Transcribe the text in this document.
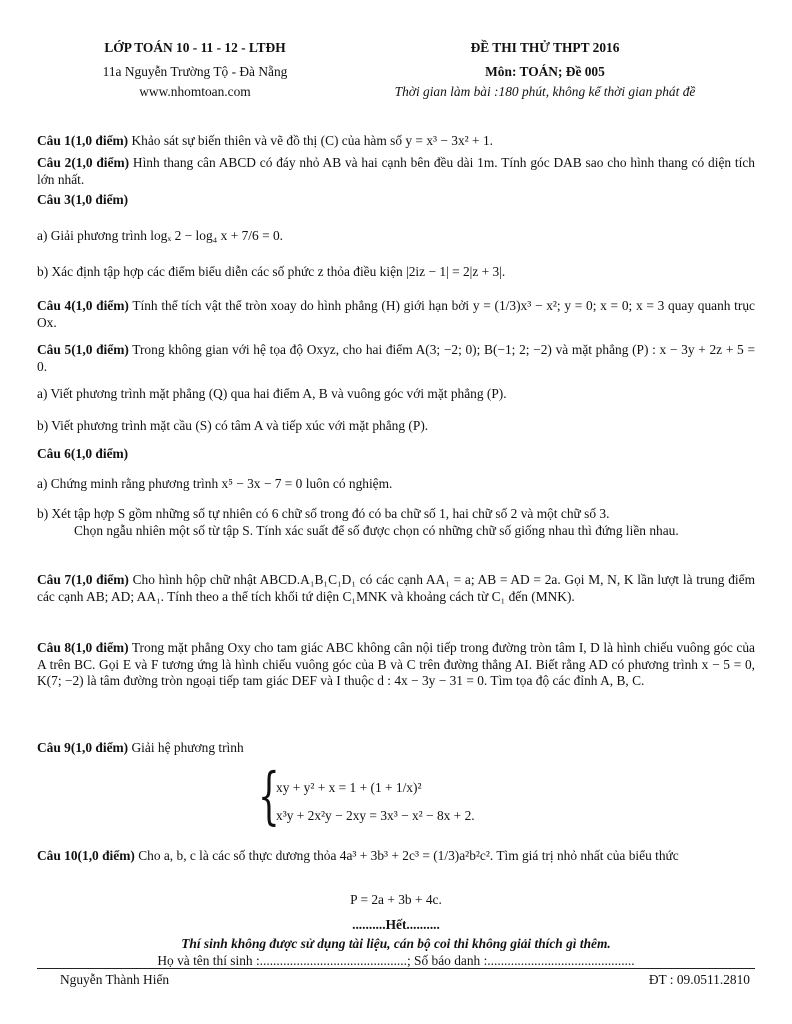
LỚP TOÁN 10 - 11 - 12 - LTĐH
11a Nguyễn Trường Tộ - Đà Nẵng
www.nhomtoan.com
ĐỀ THI THỬ THPT 2016
Môn: TOÁN; Đề 005
Thời gian làm bài :180 phút, không kể thời gian phát đề
Câu 1(1,0 điểm) Khảo sát sự biến thiên và vẽ đồ thị (C) của hàm số y = x³ − 3x² + 1.
Câu 2(1,0 điểm) Hình thang cân ABCD có đáy nhỏ AB và hai cạnh bên đều dài 1m. Tính góc DAB sao cho hình thang có diện tích lớn nhất.
Câu 3(1,0 điểm)
a) Giải phương trình logₓ 2 − log₄ x + 7/6 = 0.
b) Xác định tập hợp các điểm biểu diễn các số phức z thỏa điều kiện |2iz − 1| = 2|z + 3|.
Câu 4(1,0 điểm) Tính thể tích vật thể tròn xoay do hình phẳng (H) giới hạn bởi y = (1/3)x³ − x²; y = 0; x = 0; x = 3 quay quanh trục Ox.
Câu 5(1,0 điểm) Trong không gian với hệ tọa độ Oxyz, cho hai điểm A(3; −2; 0); B(−1; 2; −2) và mặt phẳng (P) : x − 3y + 2z + 5 = 0.
a) Viết phương trình mặt phẳng (Q) qua hai điểm A, B và vuông góc với mặt phẳng (P).
b) Viết phương trình mặt cầu (S) có tâm A và tiếp xúc với mặt phẳng (P).
Câu 6(1,0 điểm)
a) Chứng minh rằng phương trình x⁵ − 3x − 7 = 0 luôn có nghiệm.
b) Xét tập hợp S gồm những số tự nhiên có 6 chữ số trong đó có ba chữ số 1, hai chữ số 2 và một chữ số 3.
Chọn ngẫu nhiên một số từ tập S. Tính xác suất để số được chọn có những chữ số giống nhau thì đứng liền nhau.
Câu 7(1,0 điểm) Cho hình hộp chữ nhật ABCD.A₁B₁C₁D₁ có các cạnh AA₁ = a; AB = AD = 2a. Gọi M, N, K lần lượt là trung điểm các cạnh AB; AD; AA₁. Tính theo a thể tích khối tứ diện C₁MNK và khoảng cách từ C₁ đến (MNK).
Câu 8(1,0 điểm) Trong mặt phẳng Oxy cho tam giác ABC không cân nội tiếp trong đường tròn tâm I, D là hình chiếu vuông góc của A trên BC. Gọi E và F tương ứng là hình chiếu vuông góc của B và C trên đường thẳng AI. Biết rằng AD có phương trình x − 5 = 0, K(7; −2) là tâm đường tròn ngoại tiếp tam giác DEF và I thuộc d : 4x − 3y − 31 = 0. Tìm tọa độ các đỉnh A, B, C.
Câu 9(1,0 điểm) Giải hệ phương trình
{
xy + y² + x = 1 + (1 + 1/x)²
x³y + 2x²y − 2xy = 3x³ − x² − 8x + 2.
Câu 10(1,0 điểm) Cho a, b, c là các số thực dương thỏa 4a³ + 3b³ + 2c³ = (1/3)a²b²c². Tìm giá trị nhỏ nhất của biểu thức
P = 2a + 3b + 4c.
..........Hết..........
Thí sinh không được sử dụng tài liệu, cán bộ coi thi không giải thích gì thêm.
Họ và tên thí sinh :............................................; Số báo danh :............................................
Nguyễn Thành Hiển	ĐT : 09.0511.2810
